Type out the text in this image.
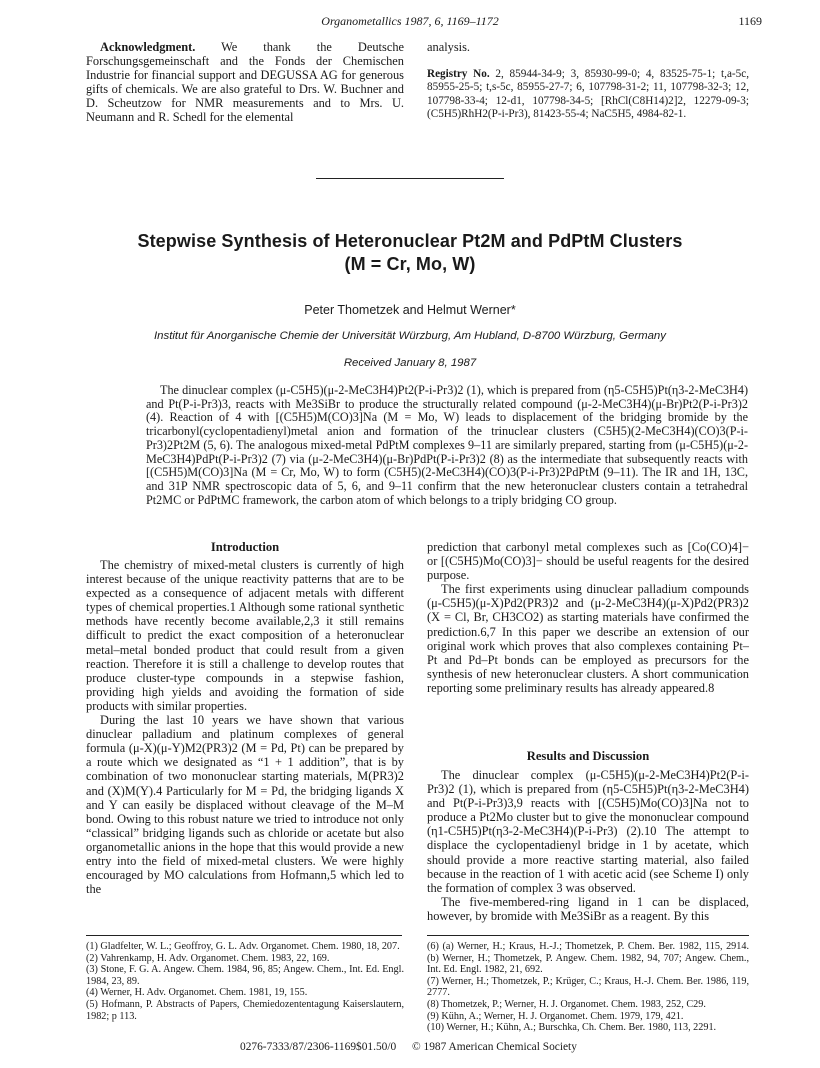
Organometallics 1987, 6, 1169–1172	1169
Acknowledgment. We thank the Deutsche Forschungsgemeinschaft and the Fonds der Chemischen Industrie for financial support and DEGUSSA AG for generous gifts of chemicals. We are also grateful to Drs. W. Buchner and D. Scheutzow for NMR measurements and to Mrs. U. Neumann and R. Schedl for the elemental
analysis.
Registry No. 2, 85944-34-9; 3, 85930-99-0; 4, 83525-75-1; t,a-5c, 85955-25-5; t,s-5c, 85955-27-7; 6, 107798-31-2; 11, 107798-32-3; 12, 107798-33-4; 12-d1, 107798-34-5; [RhCl(C8H14)2]2, 12279-09-3; (C5H5)RhH2(P-i-Pr3), 81423-55-4; NaC5H5, 4984-82-1.
Stepwise Synthesis of Heteronuclear Pt2M and PdPtM Clusters
(M = Cr, Mo, W)
Peter Thometzek and Helmut Werner*
Institut für Anorganische Chemie der Universität Würzburg, Am Hubland, D-8700 Würzburg, Germany
Received January 8, 1987
The dinuclear complex (μ-C5H5)(μ-2-MeC3H4)Pt2(P-i-Pr3)2 (1), which is prepared from (η5-C5H5)Pt(η3-2-MeC3H4) and Pt(P-i-Pr3)3, reacts with Me3SiBr to produce the structurally related compound (μ-2-MeC3H4)(μ-Br)Pt2(P-i-Pr3)2 (4). Reaction of 4 with [(C5H5)M(CO)3]Na (M = Mo, W) leads to displacement of the bridging bromide by the tricarbonyl(cyclopentadienyl)metal anion and formation of the trinuclear clusters (C5H5)(2-MeC3H4)(CO)3(P-i-Pr3)2Pt2M (5, 6). The analogous mixed-metal PdPtM complexes 9–11 are similarly prepared, starting from (μ-C5H5)(μ-2-MeC3H4)PdPt(P-i-Pr3)2 (7) via (μ-2-MeC3H4)(μ-Br)PdPt(P-i-Pr3)2 (8) as the intermediate that subsequently reacts with [(C5H5)M(CO)3]Na (M = Cr, Mo, W) to form (C5H5)(2-MeC3H4)(CO)3(P-i-Pr3)2PdPtM (9–11). The IR and 1H, 13C, and 31P NMR spectroscopic data of 5, 6, and 9–11 confirm that the new heteronuclear clusters contain a tetrahedral Pt2MC or PdPtMC framework, the carbon atom of which belongs to a triply bridging CO group.
Introduction

The chemistry of mixed-metal clusters is currently of high interest because of the unique reactivity patterns that are to be expected as a consequence of adjacent metals with different types of chemical properties.1 Although some rational synthetic methods have recently become available,2,3 it still remains difficult to predict the exact composition of a heteronuclear metal–metal bonded product that could result from a given reaction. Therefore it is still a challenge to develop routes that produce cluster-type compounds in a stepwise fashion, providing high yields and avoiding the formation of side products with similar properties.

During the last 10 years we have shown that various dinuclear palladium and platinum complexes of general formula (μ-X)(μ-Y)M2(PR3)2 (M = Pd, Pt) can be prepared by a route which we designated as “1 + 1 addition”, that is by combination of two mononuclear starting materials, M(PR3)2 and (X)M(Y).4 Particularly for M = Pd, the bridging ligands X and Y can easily be displaced without cleavage of the M–M bond. Owing to this robust nature we tried to introduce not only “classical” bridging ligands such as chloride or acetate but also organometallic anions in the hope that this would provide a new entry into the field of mixed-metal clusters. We were highly encouraged by MO calculations from Hofmann,5 which led to the

prediction that carbonyl metal complexes such as [Co(CO)4]− or [(C5H5)Mo(CO)3]− should be useful reagents for the desired purpose.

The first experiments using dinuclear palladium compounds (μ-C5H5)(μ-X)Pd2(PR3)2 and (μ-2-MeC3H4)(μ-X)Pd2(PR3)2 (X = Cl, Br, CH3CO2) as starting materials have confirmed the prediction.6,7 In this paper we describe an extension of our original work which proves that also complexes containing Pt–Pt and Pd–Pt bonds can be employed as precursors for the synthesis of new heteronuclear clusters. A short communication reporting some preliminary results has already appeared.8

Results and Discussion

The dinuclear complex (μ-C5H5)(μ-2-MeC3H4)Pt2(P-i-Pr3)2 (1), which is prepared from (η5-C5H5)Pt(η3-2-MeC3H4) and Pt(P-i-Pr3)3,9 reacts with [(C5H5)Mo(CO)3]Na not to produce a Pt2Mo cluster but to give the mononuclear compound (η1-C5H5)Pt(η3-2-MeC3H4)(P-i-Pr3) (2).10 The attempt to displace the cyclopentadienyl bridge in 1 by acetate, which should provide a more reactive starting material, also failed because in the reaction of 1 with acetic acid (see Scheme I) only the formation of complex 3 was observed.

The five-membered-ring ligand in 1 can be displaced, however, by bromide with Me3SiBr as a reagent. By this

(1) Gladfelter, W. L.; Geoffroy, G. L. Adv. Organomet. Chem. 1980, 18, 207.
(2) Vahrenkamp, H. Adv. Organomet. Chem. 1983, 22, 169.
(3) Stone, F. G. A. Angew. Chem. 1984, 96, 85; Angew. Chem., Int. Ed. Engl. 1984, 23, 89.
(4) Werner, H. Adv. Organomet. Chem. 1981, 19, 155.
(5) Hofmann, P. Abstracts of Papers, Chemiedozententagung Kaiserslautern, 1982; p 113.
(6) (a) Werner, H.; Kraus, H.-J.; Thometzek, P. Chem. Ber. 1982, 115, 2914. (b) Werner, H.; Thometzek, P. Angew. Chem. 1982, 94, 707; Angew. Chem., Int. Ed. Engl. 1982, 21, 692.
(7) Werner, H.; Thometzek, P.; Krüger, C.; Kraus, H.-J. Chem. Ber. 1986, 119, 2777.
(8) Thometzek, P.; Werner, H. J. Organomet. Chem. 1983, 252, C29.
(9) Kühn, A.; Werner, H. J. Organomet. Chem. 1979, 179, 421.
(10) Werner, H.; Kühn, A.; Burschka, Ch. Chem. Ber. 1980, 113, 2291.
0276-7333/87/2306-1169$01.50/0 © 1987 American Chemical Society
